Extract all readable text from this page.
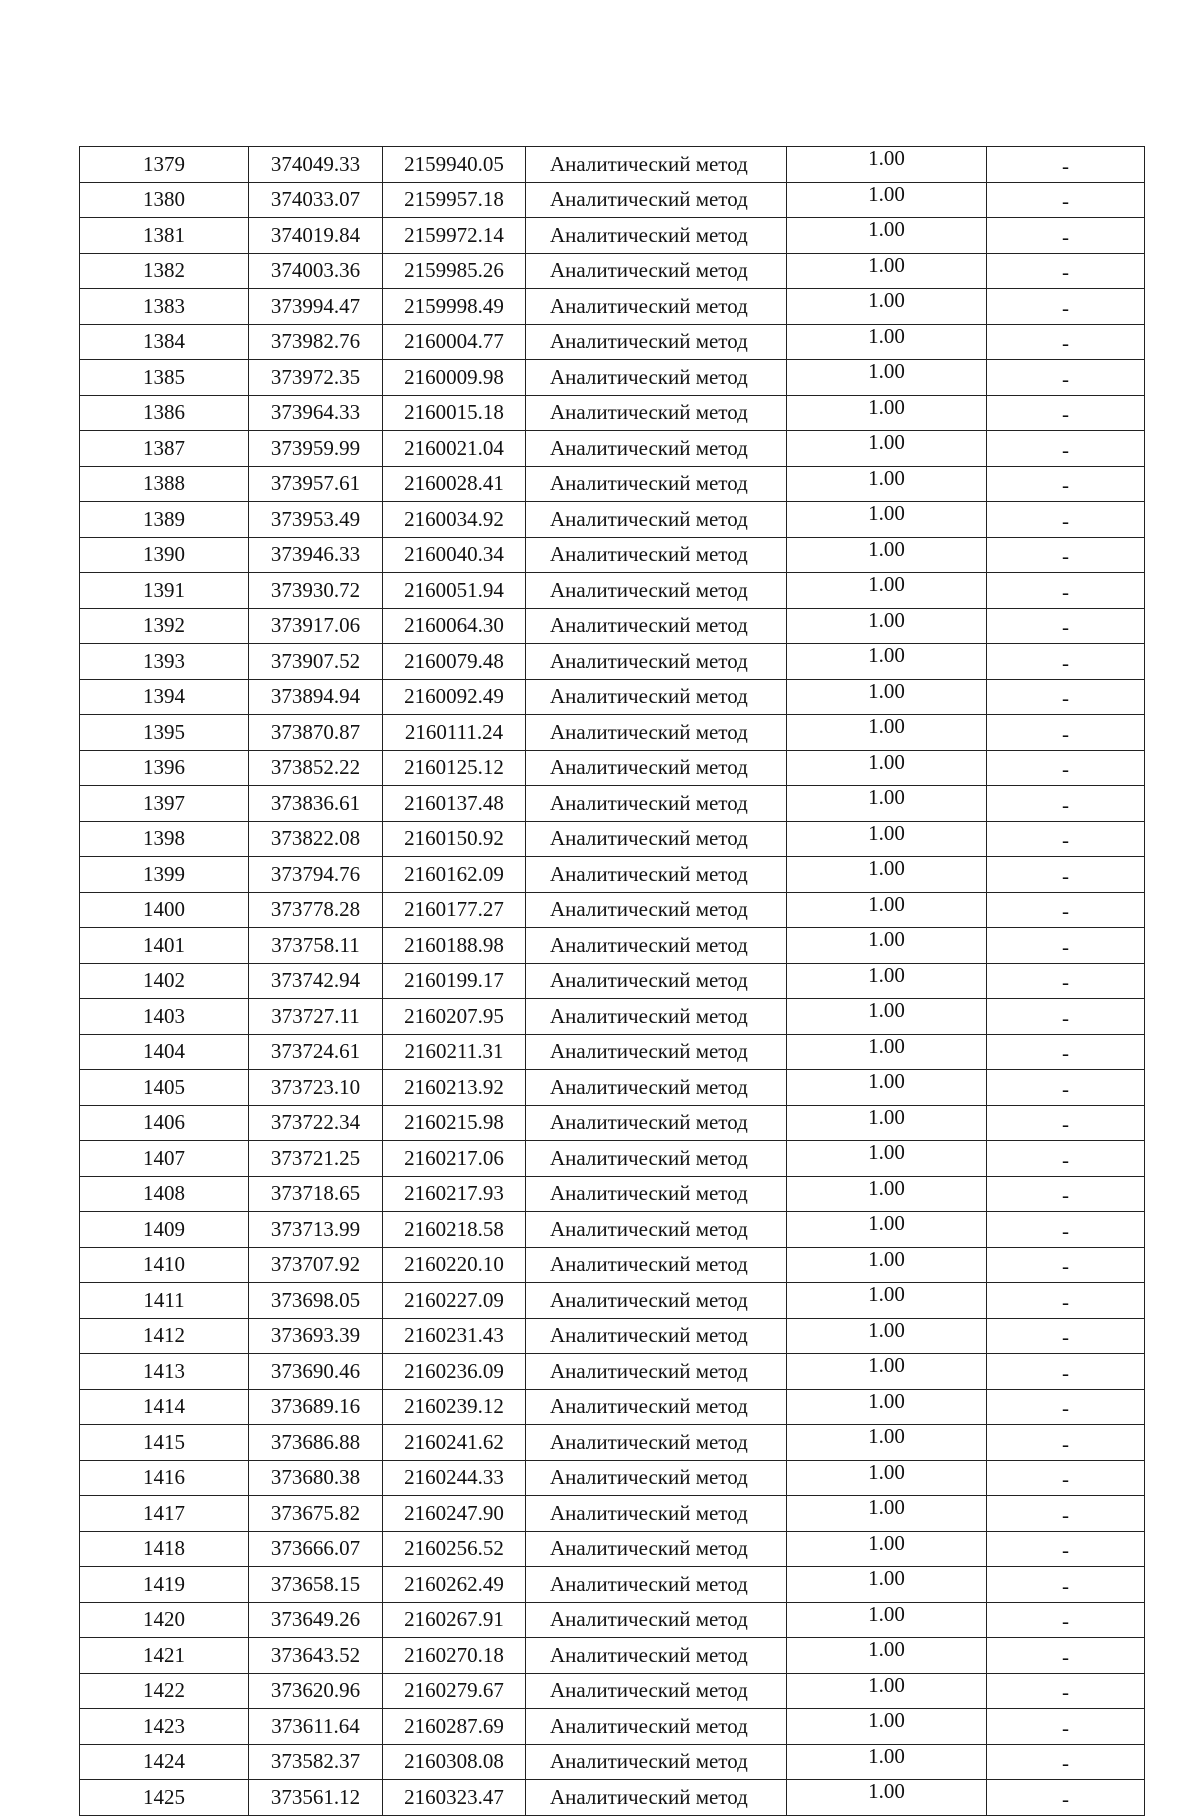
1379	374049.33	2159940.05	Аналитический метод	1.00	-
1380	374033.07	2159957.18	Аналитический метод	1.00	-
1381	374019.84	2159972.14	Аналитический метод	1.00	-
1382	374003.36	2159985.26	Аналитический метод	1.00	-
1383	373994.47	2159998.49	Аналитический метод	1.00	-
1384	373982.76	2160004.77	Аналитический метод	1.00	-
1385	373972.35	2160009.98	Аналитический метод	1.00	-
1386	373964.33	2160015.18	Аналитический метод	1.00	-
1387	373959.99	2160021.04	Аналитический метод	1.00	-
1388	373957.61	2160028.41	Аналитический метод	1.00	-
1389	373953.49	2160034.92	Аналитический метод	1.00	-
1390	373946.33	2160040.34	Аналитический метод	1.00	-
1391	373930.72	2160051.94	Аналитический метод	1.00	-
1392	373917.06	2160064.30	Аналитический метод	1.00	-
1393	373907.52	2160079.48	Аналитический метод	1.00	-
1394	373894.94	2160092.49	Аналитический метод	1.00	-
1395	373870.87	2160111.24	Аналитический метод	1.00	-
1396	373852.22	2160125.12	Аналитический метод	1.00	-
1397	373836.61	2160137.48	Аналитический метод	1.00	-
1398	373822.08	2160150.92	Аналитический метод	1.00	-
1399	373794.76	2160162.09	Аналитический метод	1.00	-
1400	373778.28	2160177.27	Аналитический метод	1.00	-
1401	373758.11	2160188.98	Аналитический метод	1.00	-
1402	373742.94	2160199.17	Аналитический метод	1.00	-
1403	373727.11	2160207.95	Аналитический метод	1.00	-
1404	373724.61	2160211.31	Аналитический метод	1.00	-
1405	373723.10	2160213.92	Аналитический метод	1.00	-
1406	373722.34	2160215.98	Аналитический метод	1.00	-
1407	373721.25	2160217.06	Аналитический метод	1.00	-
1408	373718.65	2160217.93	Аналитический метод	1.00	-
1409	373713.99	2160218.58	Аналитический метод	1.00	-
1410	373707.92	2160220.10	Аналитический метод	1.00	-
1411	373698.05	2160227.09	Аналитический метод	1.00	-
1412	373693.39	2160231.43	Аналитический метод	1.00	-
1413	373690.46	2160236.09	Аналитический метод	1.00	-
1414	373689.16	2160239.12	Аналитический метод	1.00	-
1415	373686.88	2160241.62	Аналитический метод	1.00	-
1416	373680.38	2160244.33	Аналитический метод	1.00	-
1417	373675.82	2160247.90	Аналитический метод	1.00	-
1418	373666.07	2160256.52	Аналитический метод	1.00	-
1419	373658.15	2160262.49	Аналитический метод	1.00	-
1420	373649.26	2160267.91	Аналитический метод	1.00	-
1421	373643.52	2160270.18	Аналитический метод	1.00	-
1422	373620.96	2160279.67	Аналитический метод	1.00	-
1423	373611.64	2160287.69	Аналитический метод	1.00	-
1424	373582.37	2160308.08	Аналитический метод	1.00	-
1425	373561.12	2160323.47	Аналитический метод	1.00	-
